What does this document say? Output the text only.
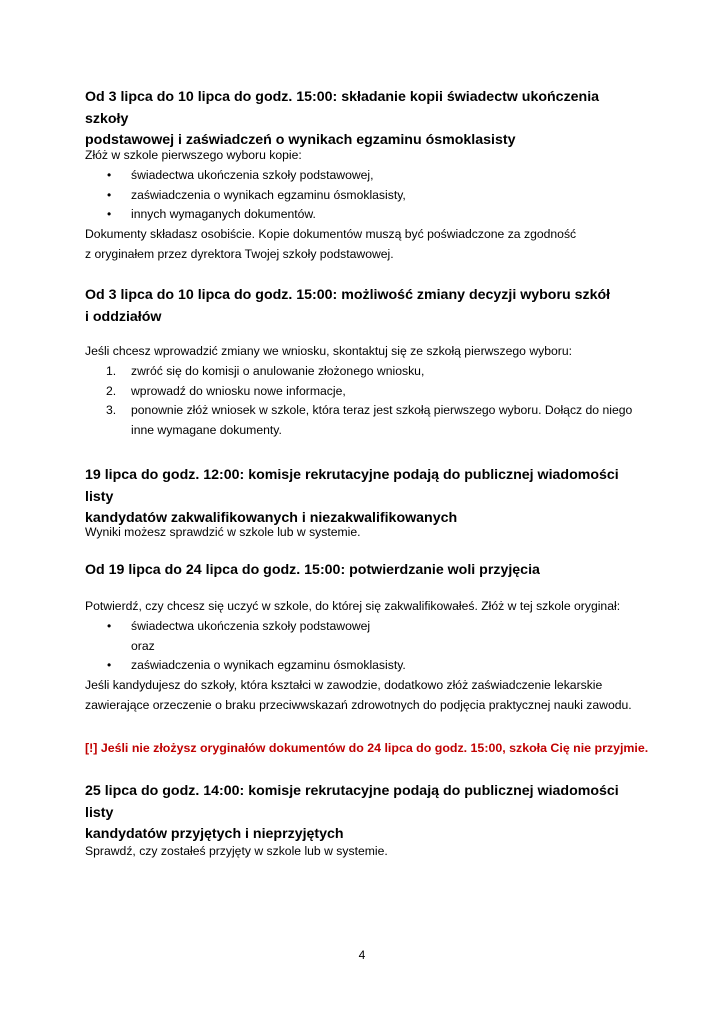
Od 3 lipca do 10 lipca do godz. 15:00: składanie kopii świadectw ukończenia szkoły
podstawowej i zaświadczeń o wynikach egzaminu ósmoklasisty

Złóż w szkole pierwszego wyboru kopie:

• świadectwa ukończenia szkoły podstawowej,
• zaświadczenia o wynikach egzaminu ósmoklasisty,
• innych wymaganych dokumentów.

Dokumenty składasz osobiście. Kopie dokumentów muszą być poświadczone za zgodność
z oryginałem przez dyrektora Twojej szkoły podstawowej.

Od 3 lipca do 10 lipca do godz. 15:00: możliwość zmiany decyzji wyboru szkół
i oddziałów

Jeśli chcesz wprowadzić zmiany we wniosku, skontaktuj się ze szkołą pierwszego wyboru:

1. zwróć się do komisji o anulowanie złożonego wniosku,
2. wprowadź do wniosku nowe informacje,
3. ponownie złóż wniosek w szkole, która teraz jest szkołą pierwszego wyboru. Dołącz do niego
inne wymagane dokumenty.

19 lipca do godz. 12:00: komisje rekrutacyjne podają do publicznej wiadomości listy
kandydatów zakwalifikowanych i niezakwalifikowanych

Wyniki możesz sprawdzić w szkole lub w systemie.

Od 19 lipca do 24 lipca do godz. 15:00: potwierdzanie woli przyjęcia

Potwierdź, czy chcesz się uczyć w szkole, do której się zakwalifikowałeś. Złóż w tej szkole oryginał:

• świadectwa ukończenia szkoły podstawowej
oraz
• zaświadczenia o wynikach egzaminu ósmoklasisty.

Jeśli kandydujesz do szkoły, która kształci w zawodzie, dodatkowo złóż zaświadczenie lekarskie
zawierające orzeczenie o braku przeciwwskazań zdrowotnych do podjęcia praktycznej nauki zawodu.

[!] Jeśli nie złożysz oryginałów dokumentów do 24 lipca do godz. 15:00, szkoła Cię nie przyjmie.

25 lipca do godz. 14:00: komisje rekrutacyjne podają do publicznej wiadomości listy
kandydatów przyjętych i nieprzyjętych

Sprawdź, czy zostałeś przyjęty w szkole lub w systemie.

4
